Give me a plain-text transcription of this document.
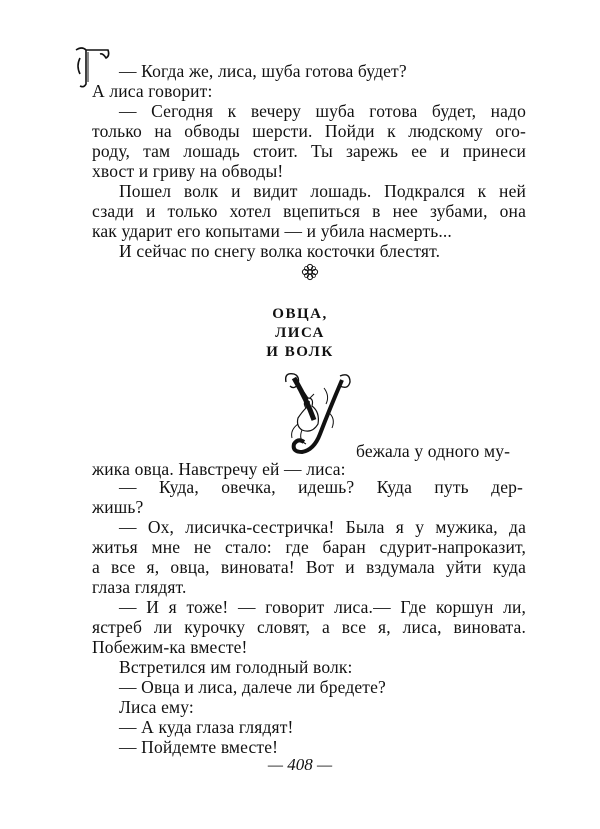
— Когда же, лиса, шуба готова будет?

А лиса говорит:

— Сегодня к вечеру шуба готова будет, надо

только на обводы шерсти. Пойди к людскому ого-

роду, там лошадь стоит. Ты зарежь ее и принеси

хвост и гриву на обводы!

Пошел волк и видит лошадь. Подкрался к ней

сзади и только хотел вцепиться в нее зубами, она

как ударит его копытами — и убила насмерть...

И сейчас по снегу волка косточки блестят.

ОВЦА,

ЛИСА

И ВОЛК

бежала у одного му-

жика овца. Навстречу ей — лиса:

— Куда, овечка, идешь? Куда путь дер-

жишь?

— Ох, лисичка-сестричка! Была я у мужика, да

житья мне не стало: где баран сдурит-напроказит,

а все я, овца, виновата! Вот и вздумала уйти куда

глаза глядят.

— И я тоже! — говорит лиса.— Где коршун ли,

ястреб ли курочку словят, а все я, лиса, виновата.

Побежим-ка вместе!

Встретился им голодный волк:

— Овца и лиса, далече ли бредете?

Лиса ему:

— А куда глаза глядят!

— Пойдемте вместе!

— 408 —
